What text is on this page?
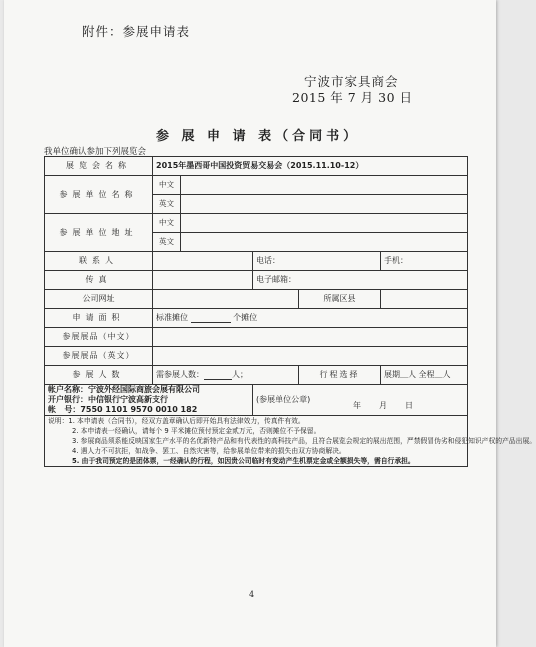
附件：参展申请表
宁波市家具商会
2015 年 7 月 30 日
参 展 申 请 表（合同书）
我单位确认参加下列展览会
展览会名称	2015年墨西哥中国投资贸易交易会（2015.11.10-12）				
参展单位名称	中文				
	英文				
参展单位地址	中文				
	英文				
联系人			电话：		手机：
传真			电子邮箱：		
公司网址				所属区县	
申请面积	标准摊位 个摊位				
参展展品（中文）					
参展展品（英文）					
参展人数	需参展人数： 人；			行程选择	展期＿人 全程＿人

帐户名称：宁波外经国际商旅会展有限公司
开户银行：中信银行宁波高新支行
帐   号：7550 1101 9570 0010 182			(参展单位公章)
年月日		

说明：1. 本申请表（合同书），经双方盖章确认后即开始具有法律效力，传真件有效。
2. 本申请表一经确认，请每个 9 平米摊位预付预定金贰万元，否则摊位不予保留。
3. 参展商品须系能反映国家生产水平的名优新特产品和有代表性的高科技产品，且符合展览会规定的展出范围，严禁假冒伪劣和侵犯知识产权的产品出展。
4. 遇人力不可抗拒，如战争、罢工、自然灾害等，给参展单位带来的损失由双方协商解决。
5. 由于我司预定的是团体票，一经确认的行程，如因贵公司临时有变动产生机票定金或全额损失等，需自行承担。					
4
